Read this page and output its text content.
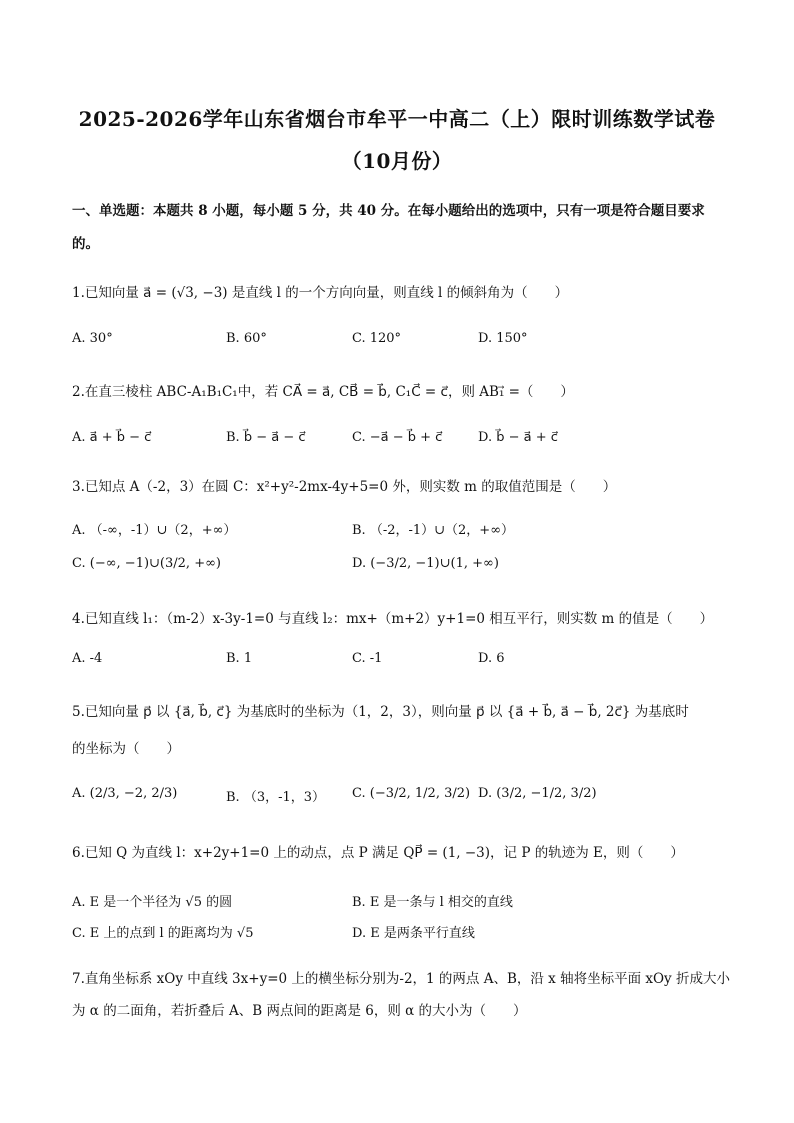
2025-2026学年山东省烟台市牟平一中高二（上）限时训练数学试卷
（10月份）
一、单选题：本题共 8 小题，每小题 5 分，共 40 分。在每小题给出的选项中，只有一项是符合题目要求
的。
1.已知向量 a⃗ = (√3, −3) 是直线 l 的一个方向向量，则直线 l 的倾斜角为（　　）
A. 30°	B. 60°	C. 120°	D. 150°
2.在直三棱柱 ABC-A₁B₁C₁中，若 CA⃗ = a⃗, CB⃗ = b⃗, C₁C⃗ = c⃗，则 AB₁⃗ =（　　）
A. a⃗ + b⃗ − c⃗	B. b⃗ − a⃗ − c⃗	C. −a⃗ − b⃗ + c⃗	D. b⃗ − a⃗ + c⃗
3.已知点 A（-2，3）在圆 C：x²+y²-2mx-4y+5=0 外，则实数 m 的取值范围是（　　）
A. （-∞，-1）∪（2，+∞）	B. （-2，-1）∪（2，+∞）
C. (−∞, −1)∪(3/2, +∞)	D. (−3/2, −1)∪(1, +∞)
4.已知直线 l₁：（m-2）x-3y-1=0 与直线 l₂：mx+（m+2）y+1=0 相互平行，则实数 m 的值是（　　）
A. -4	B. 1	C. -1	D. 6
5.已知向量 p⃗ 以 {a⃗, b⃗, c⃗} 为基底时的坐标为（1，2，3），则向量 p⃗ 以 {a⃗ + b⃗, a⃗ − b⃗, 2c⃗} 为基底时
的坐标为（　　）
A. (2/3, −2, 2/3)	B. （3，-1，3） C. (−3/2, 1/2, 3/2) D. (3/2, −1/2, 3/2)
6.已知 Q 为直线 l：x+2y+1=0 上的动点，点 P 满足 QP⃗ = (1, −3)，记 P 的轨迹为 E，则（　　）
A. E 是一个半径为 √5 的圆	B. E 是一条与 l 相交的直线
C. E 上的点到 l 的距离均为 √5	D. E 是两条平行直线
7.直角坐标系 xOy 中直线 3x+y=0 上的横坐标分别为-2，1 的两点 A、B，沿 x 轴将坐标平面 xOy 折成大小
为 α 的二面角，若折叠后 A、B 两点间的距离是 6，则 α 的大小为（　　）
